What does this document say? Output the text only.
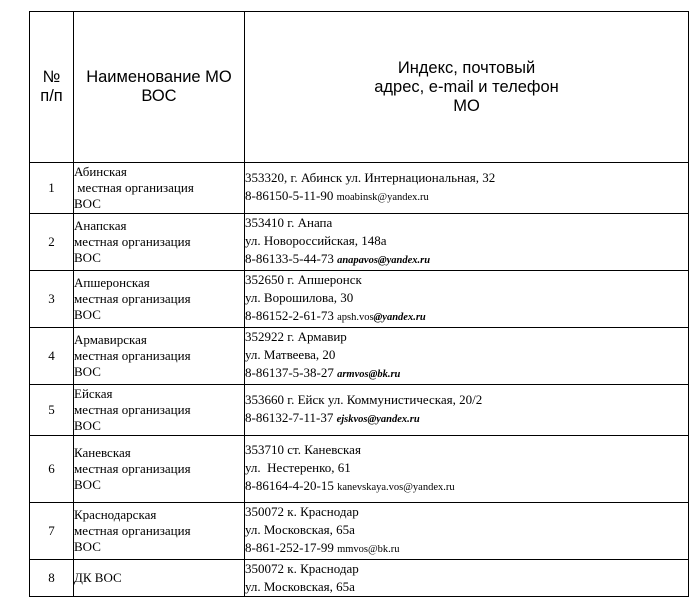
№
п/п	Наименование МО
ВОС	Индекс, почтовый
адрес, e-mail и телефон
МО

1	Абинская
местная организация
ВОС	353320, г. Абинск ул. Интернациональная, 32
8-86150-5-11-90 moabinsk@yandex.ru

2	Анапская
местная организация
ВОС	353410 г. Анапа
ул. Новороссийская, 148а
8-86133-5-44-73 anapavos@yandex.ru

3	Апшеронская
местная организация
ВОС	352650 г. Апшеронск
ул. Ворошилова, 30
8-86152-2-61-73 apsh.vos@yandex.ru

4	Армавирская
местная организация
ВОС	352922 г. Армавир
ул. Матвеева, 20
8-86137-5-38-27 armvos@bk.ru

5	Ейская
местная организация
ВОС	353660 г. Ейск ул. Коммунистическая, 20/2
8-86132-7-11-37 ejskvos@yandex.ru

6	Каневская
местная организация
ВОС	353710 ст. Каневская
ул.  Нестеренко, 61
8-86164-4-20-15 kanevskaya.vos@yandex.ru

7	Краснодарская
местная организация
ВОС	350072 к. Краснодар
ул. Московская, 65а
8-861-252-17-99 mmvos@bk.ru

8	ДК ВОС	350072 к. Краснодар
ул. Московская, 65а
